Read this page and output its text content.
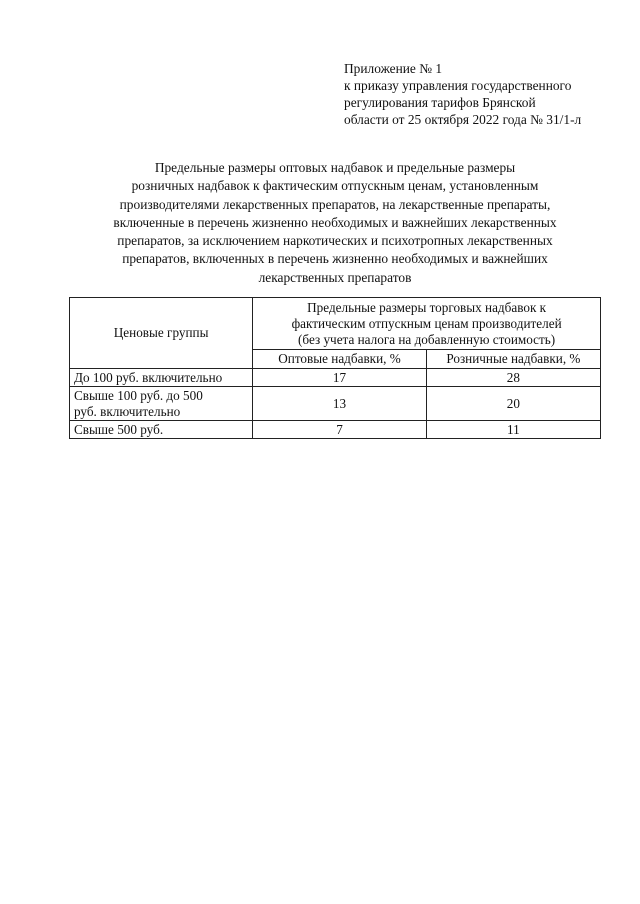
Приложение № 1
к приказу управления государственного
регулирования тарифов Брянской
области от 25 октября 2022 года № 31/1-л
Предельные размеры оптовых надбавок и предельные размеры
розничных надбавок к фактическим отпускным ценам, установленным
производителями лекарственных препаратов, на лекарственные препараты,
включенные в перечень жизненно необходимых и важнейших лекарственных
препаратов, за исключением наркотических и психотропных лекарственных
препаратов, включенных в перечень жизненно необходимых и важнейших
лекарственных препаратов
Ценовые группы	Предельные размеры торговых надбавок к
фактическим отпускным ценам производителей
(без учета налога на добавленную стоимость)	

	Оптовые надбавки, %	Розничные надбавки, %

До 100 руб. включительно	17	28

Свыше 100 руб. до 500
руб. включительно	13	20

Свыше 500 руб.	7	11
